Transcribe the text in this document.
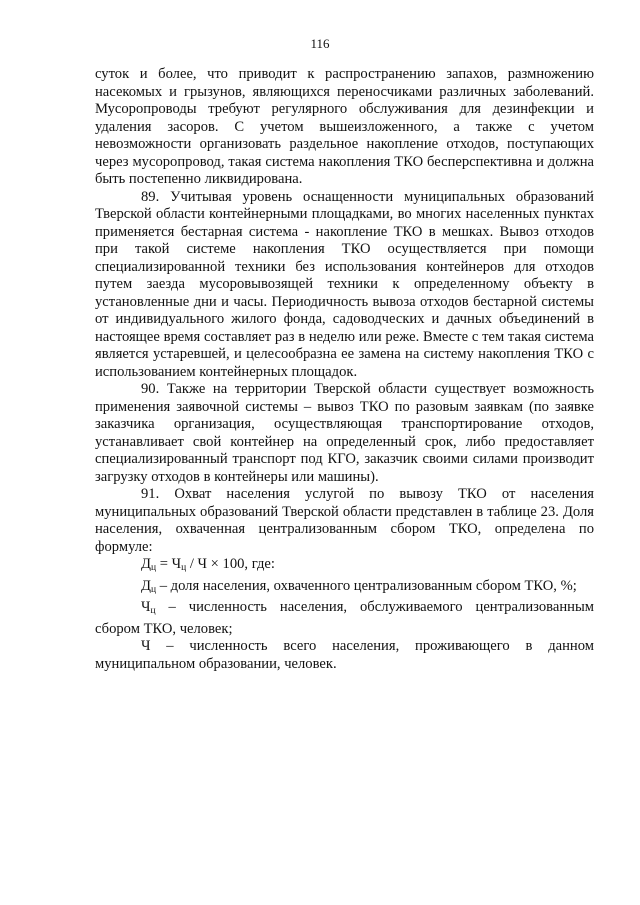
116

суток и более, что приводит к распространению запахов, размножению насекомых и грызунов, являющихся переносчиками различных заболеваний. Мусоропроводы требуют регулярного обслуживания для дезинфекции и удаления засоров. С учетом вышеизложенного, а также с учетом невозможности организовать раздельное накопление отходов, поступающих через мусоропровод, такая система накопления ТКО бесперспективна и должна быть постепенно ликвидирована.

89. Учитывая уровень оснащенности муниципальных образований Тверской области контейнерными площадками, во многих населенных пунктах применяется бестарная система - накопление ТКО в мешках. Вывоз отходов при такой системе накопления ТКО осуществляется при помощи специализированной техники без использования контейнеров для отходов путем заезда мусоровывозящей техники к определенному объекту в установленные дни и часы. Периодичность вывоза отходов бестарной системы от индивидуального жилого фонда, садоводческих и дачных объединений в настоящее время составляет раз в неделю или реже. Вместе с тем такая система является устаревшей, и целесообразна ее замена на систему накопления ТКО с использованием контейнерных площадок.

90. Также на территории Тверской области существует возможность применения заявочной системы – вывоз ТКО по разовым заявкам (по заявке заказчика организация, осуществляющая транспортирование отходов, устанавливает свой контейнер на определенный срок, либо предоставляет специализированный транспорт под КГО, заказчик своими силами производит загрузку отходов в контейнеры или машины).

91. Охват населения услугой по вывозу ТКО от населения муниципальных образований Тверской области представлен в таблице 23. Доля населения, охваченная централизованным сбором ТКО, определена по формуле:

$Д_ц = Ч_ц / Ч \times 100$, где:

$Д_ц$ – доля населения, охваченного централизованным сбором ТКО, %;

$Ч_ц$ – численность населения, обслуживаемого централизованным сбором ТКО, человек;

Ч – численность всего населения, проживающего в данном муниципальном образовании, человек.
